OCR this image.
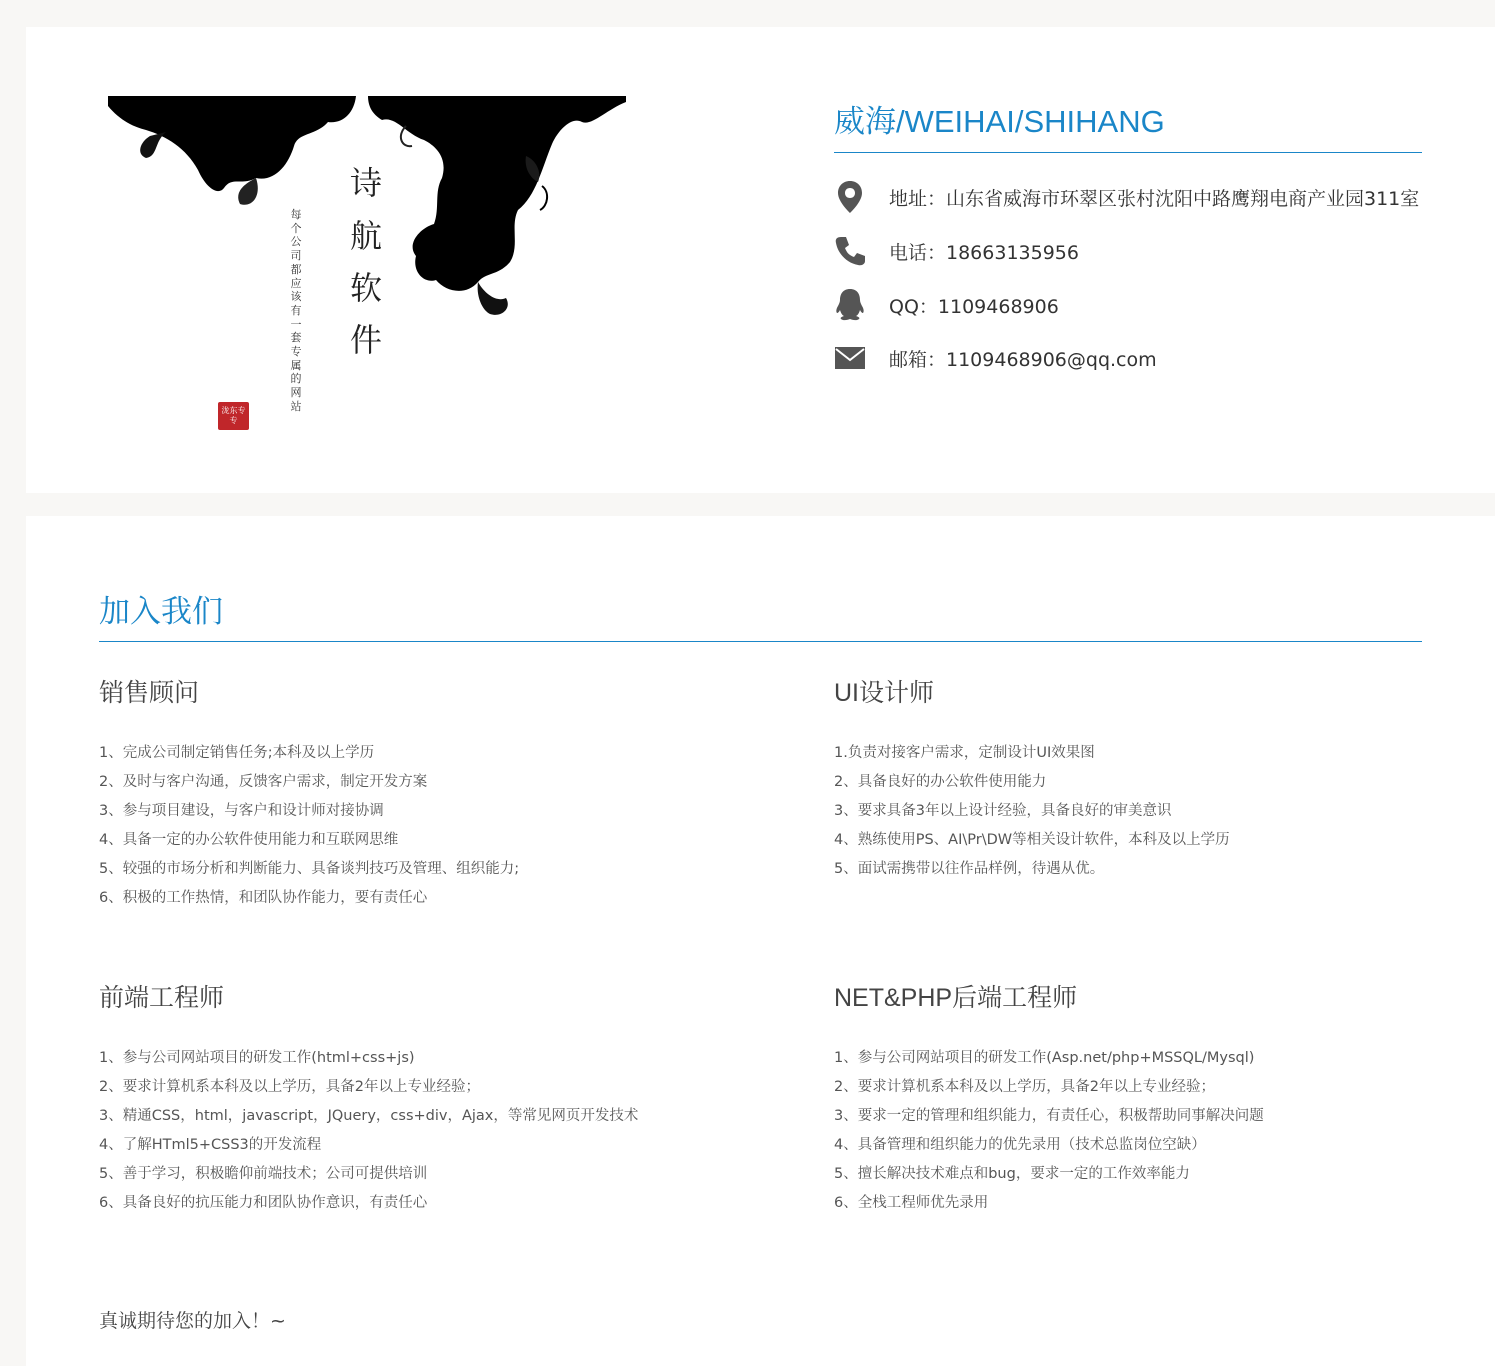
诗
航
软
件
每个公司都应该有一套专属的网站
泷东专专
威海/WEIHAI/SHIHANG
地址：山东省威海市环翠区张村沈阳中路鹰翔电商产业园311室
电话：18663135956
QQ：1109468906
邮箱：1109468906@qq.com
加入我们
销售顾问
1、完成公司制定销售任务;本科及以上学历
2、及时与客户沟通，反馈客户需求，制定开发方案
3、参与项目建设，与客户和设计师对接协调
4、具备一定的办公软件使用能力和互联网思维
5、较强的市场分析和判断能力、具备谈判技巧及管理、组织能力;
6、积极的工作热情，和团队协作能力，要有责任心
UI设计师
1.负责对接客户需求，定制设计UI效果图
2、具备良好的办公软件使用能力
3、要求具备3年以上设计经验，具备良好的审美意识
4、熟练使用PS、AI\Pr\DW等相关设计软件，本科及以上学历
5、面试需携带以往作品样例，待遇从优。
前端工程师
1、参与公司网站项目的研发工作(html+css+js)
2、要求计算机系本科及以上学历，具备2年以上专业经验；
3、精通CSS，html，javascript，JQuery，css+div，Ajax，等常见网页开发技术
4、了解HTml5+CSS3的开发流程
5、善于学习，积极瞻仰前端技术；公司可提供培训
6、具备良好的抗压能力和团队协作意识，有责任心
NET&PHP后端工程师
1、参与公司网站项目的研发工作(Asp.net/php+MSSQL/Mysql)
2、要求计算机系本科及以上学历，具备2年以上专业经验；
3、要求一定的管理和组织能力，有责任心，积极帮助同事解决问题
4、具备管理和组织能力的优先录用（技术总监岗位空缺）
5、擅长解决技术难点和bug，要求一定的工作效率能力
6、全栈工程师优先录用
真诚期待您的加入！~
